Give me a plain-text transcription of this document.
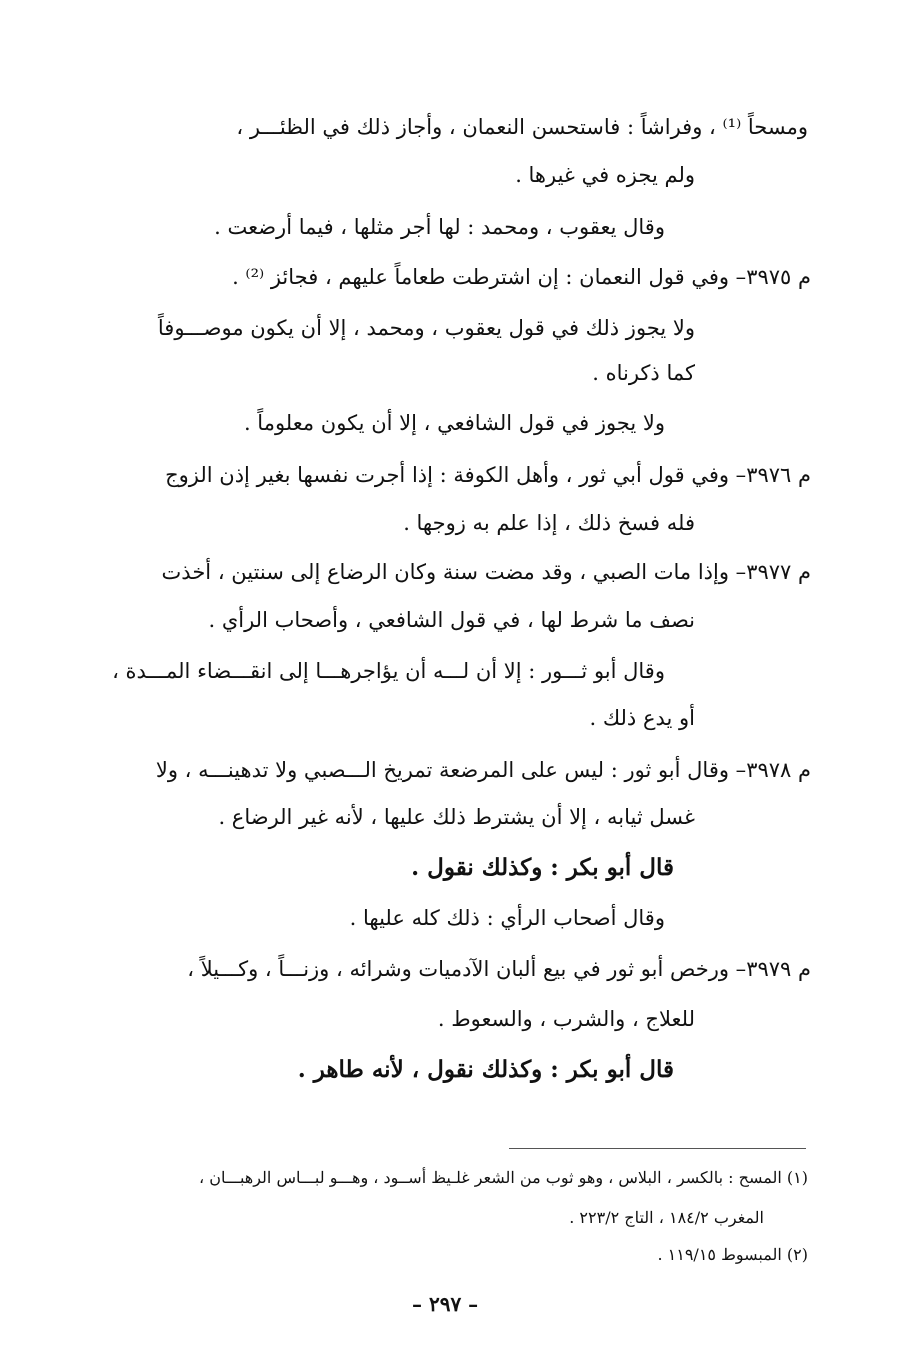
ومسحاً ⁽¹⁾ ، وفراشاً : فاستحسن النعمان ، وأجاز ذلك في الظئـــر ،
ولم يجزه في غيرها .
وقال يعقوب ، ومحمد : لها أجر مثلها ، فيما أرضعت .
م ٣٩٧٥– وفي قول النعمان : إن اشترطت طعاماً عليهم ، فجائز ⁽²⁾ .
ولا يجوز ذلك في قول يعقوب ، ومحمد ، إلا أن يكون موصـــوفاً
كما ذكرناه .
ولا يجوز في قول الشافعي ، إلا أن يكون معلوماً .
م ٣٩٧٦– وفي قول أبي ثور ، وأهل الكوفة : إذا أجرت نفسها بغير إذن الزوج
فله فسخ ذلك ، إذا علم به زوجها .
م ٣٩٧٧– وإذا مات الصبي ، وقد مضت سنة وكان الرضاع إلى سنتين ، أخذت
نصف ما شرط لها ، في قول الشافعي ، وأصحاب الرأي .
وقال أبو ثـــور : إلا أن لـــه أن يؤاجرهـــا إلى انقـــضاء المـــدة ،
أو يدع ذلك .
م ٣٩٧٨– وقال أبو ثور : ليس على المرضعة تمريخ الـــصبي ولا تدهينـــه ، ولا
غسل ثيابه ، إلا أن يشترط ذلك عليها ، لأنه غير الرضاع .
قال أبو بكر : وكذلك نقول .
وقال أصحاب الرأي : ذلك كله عليها .
م ٣٩٧٩– ورخص أبو ثور في بيع ألبان الآدميات وشرائه ، وزنـــاً ، وكـــيلاً ،
للعلاج ، والشرب ، والسعوط .
قال أبو بكر : وكذلك نقول ، لأنه طاهر .
(١) المسح : بالكسر ، البلاس ، وهو ثوب من الشعر غلـيظ أســود ، وهـــو لبـــاس الرهبـــان ،
المغرب ١٨٤/٢ ، التاج ٢٢٣/٢ .
(٢) المبسوط ١١٩/١٥ .
– ٢٩٧ –
